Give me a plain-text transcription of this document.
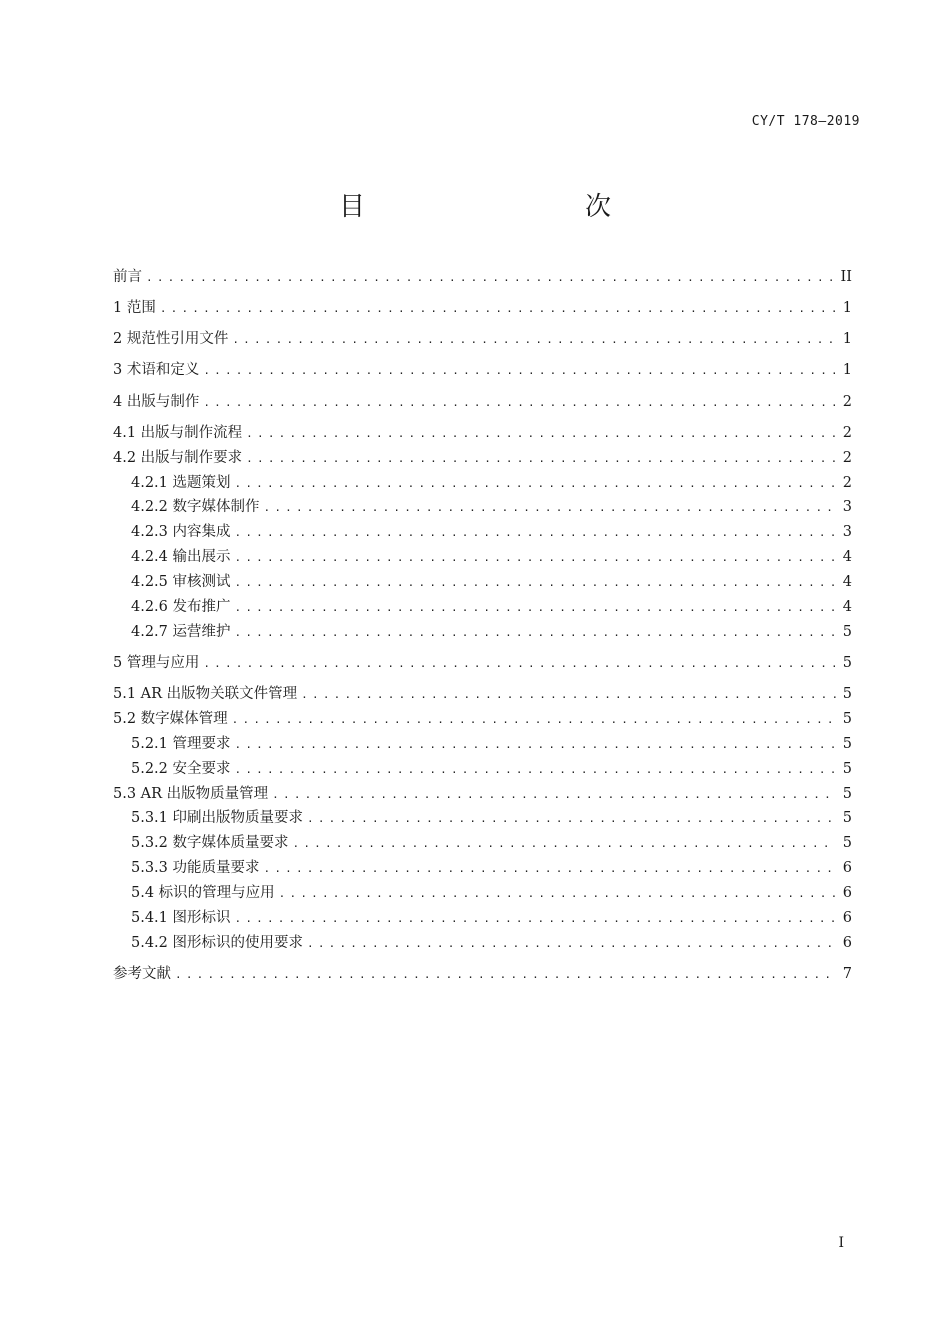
CY/T 178—2019
目　　次
前言 .....	II
1 范围 .....	1
2 规范性引用文件 .....	1
3 术语和定义 .....	1
4 出版与制作 .....	2
4.1 出版与制作流程 .....	2
4.2 出版与制作要求 .....	2
4.2.1 选题策划 .....	2
4.2.2 数字媒体制作 .....	3
4.2.3 内容集成 .....	3
4.2.4 输出展示 .....	4
4.2.5 审核测试 .....	4
4.2.6 发布推广 .....	4
4.2.7 运营维护 .....	5
5 管理与应用 .....	5
5.1 AR 出版物关联文件管理 .....	5
5.2 数字媒体管理 .....	5
5.2.1 管理要求 .....	5
5.2.2 安全要求 .....	5
5.3 AR 出版物质量管理 .....	5
5.3.1 印刷出版物质量要求 .....	5
5.3.2 数字媒体质量要求 .....	5
5.3.3 功能质量要求 .....	6
5.4 标识的管理与应用 .....	6
5.4.1 图形标识 .....	6
5.4.2 图形标识的使用要求 .....	6
参考文献 .....	7
I
